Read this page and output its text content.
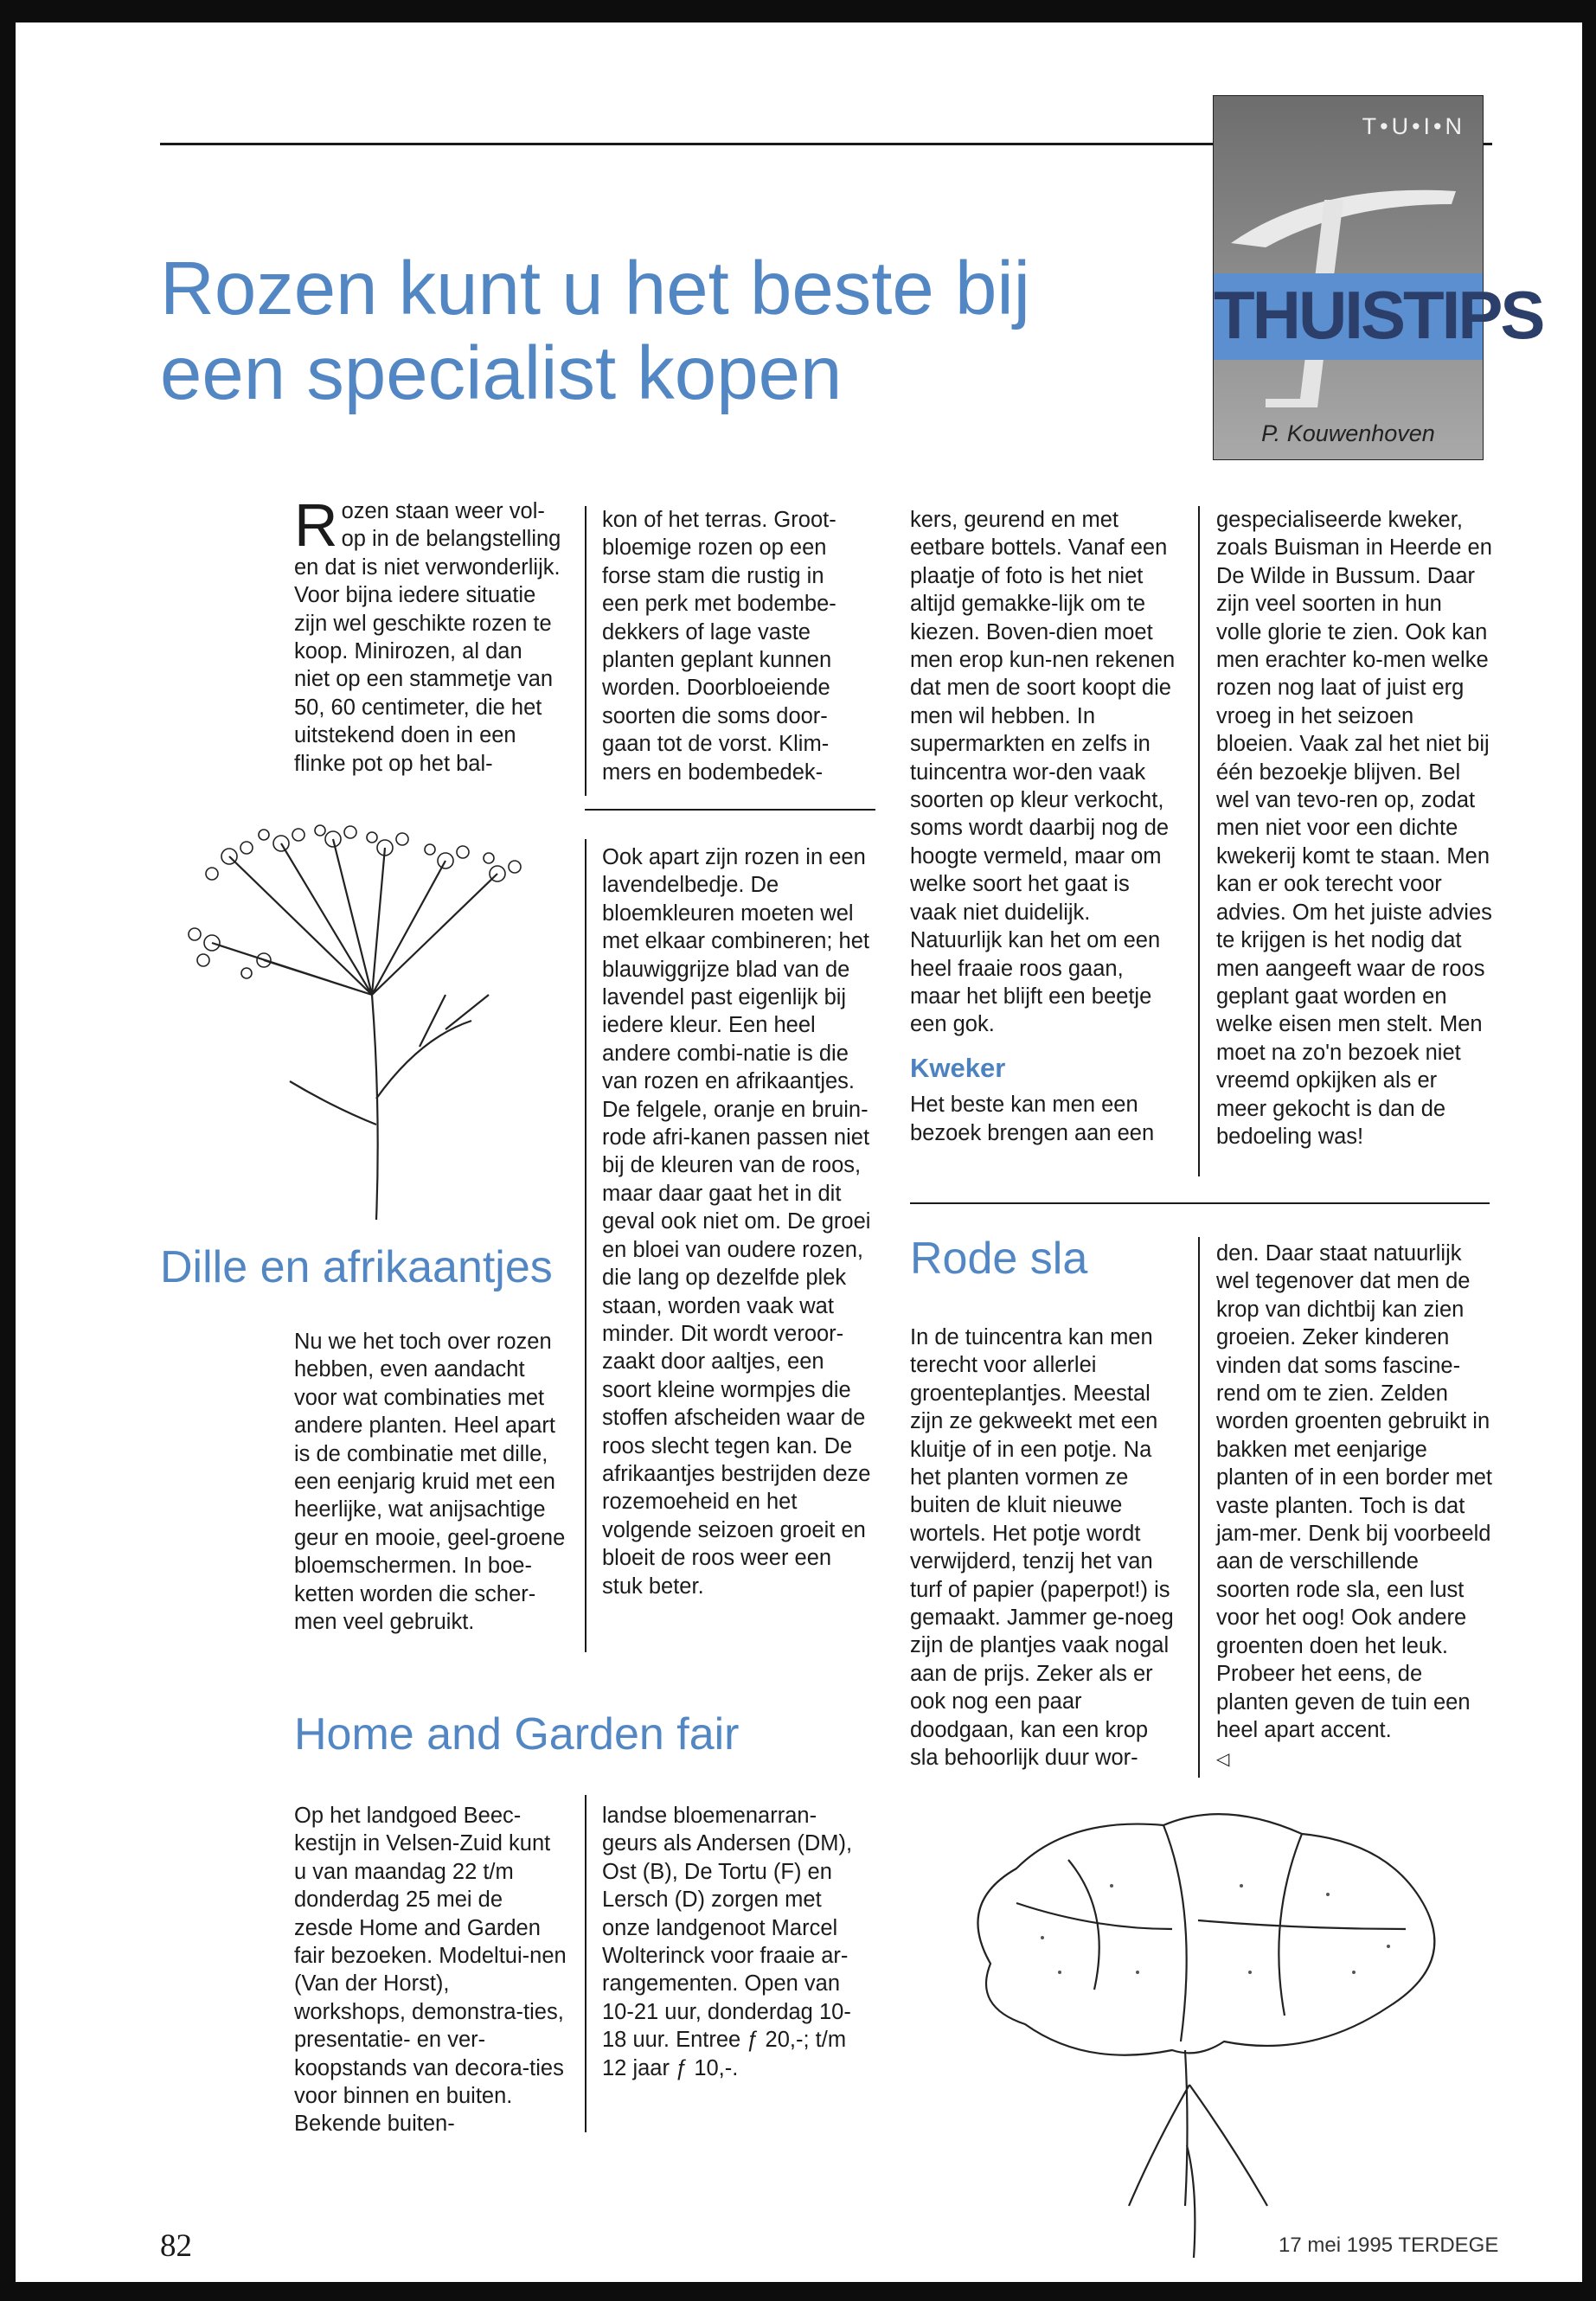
Rozen kunt u het beste bij
een specialist kopen
T•U•I•N
THUISTIPS
P. Kouwenhoven
R ozen staan weer vol-op in de belangstelling en dat is niet verwonderlijk. Voor bijna iedere situatie zijn wel geschikte rozen te koop. Minirozen, al dan niet op een stammetje van 50, 60 centimeter, die het uitstekend doen in een flinke pot op het bal-

kon of het terras. Groot-bloemige rozen op een forse stam die rustig in een perk met bodembe-dekkers of lage vaste planten geplant kunnen worden. Doorbloeiende soorten die soms door-gaan tot de vorst. Klim-mers en bodembedek-

kers, geurend en met eetbare bottels. Vanaf een plaatje of foto is het niet altijd gemakke-lijk om te kiezen. Boven-dien moet men erop kun-nen rekenen dat men de soort koopt die men wil hebben. In supermarkten en zelfs in tuincentra wor-den vaak soorten op kleur verkocht, soms wordt daarbij nog de hoogte vermeld, maar om welke soort het gaat is vaak niet duidelijk. Natuurlijk kan het om een heel fraaie roos gaan, maar het blijft een beetje een gok.

Kweker

Het beste kan men een bezoek brengen aan een

gespecialiseerde kweker, zoals Buisman in Heerde en De Wilde in Bussum. Daar zijn veel soorten in hun volle glorie te zien. Ook kan men erachter ko-men welke rozen nog laat of juist erg vroeg in het seizoen bloeien. Vaak zal het niet bij één bezoekje blijven. Bel wel van tevo-ren op, zodat men niet voor een dichte kwekerij komt te staan. Men kan er ook terecht voor advies. Om het juiste advies te krijgen is het nodig dat men aangeeft waar de roos geplant gaat worden en welke eisen men stelt. Men moet na zo'n bezoek niet vreemd opkijken als er meer gekocht is dan de bedoeling was!

Dille en afrikaantjes

Nu we het toch over rozen hebben, even aandacht voor wat combinaties met andere planten. Heel apart is de combinatie met dille, een eenjarig kruid met een heerlijke, wat anijsachtige geur en mooie, geel-groene bloemschermen. In boe-ketten worden die scher-men veel gebruikt.

Ook apart zijn rozen in een lavendelbedje. De bloemkleuren moeten wel met elkaar combineren; het blauwiggrijze blad van de lavendel past eigenlijk bij iedere kleur. Een heel andere combi-natie is die van rozen en afrikaantjes. De felgele, oranje en bruin-rode afri-kanen passen niet bij de kleuren van de roos, maar daar gaat het in dit geval ook niet om. De groei en bloei van oudere rozen, die lang op dezelfde plek staan, worden vaak wat minder. Dit wordt veroor-zaakt door aaltjes, een soort kleine wormpjes die stoffen afscheiden waar de roos slecht tegen kan. De afrikaantjes bestrijden deze rozemoeheid en het volgende seizoen groeit en bloeit de roos weer een stuk beter.

Rode sla

In de tuincentra kan men terecht voor allerlei groenteplantjes. Meestal zijn ze gekweekt met een kluitje of in een potje. Na het planten vormen ze buiten de kluit nieuwe wortels. Het potje wordt verwijderd, tenzij het van turf of papier (paperpot!) is gemaakt. Jammer ge-noeg zijn de plantjes vaak nogal aan de prijs. Zeker als er ook nog een paar doodgaan, kan een krop sla behoorlijk duur wor-

den. Daar staat natuurlijk wel tegenover dat men de krop van dichtbij kan zien groeien. Zeker kinderen vinden dat soms fascine-rend om te zien. Zelden worden groenten gebruikt in bakken met eenjarige planten of in een border met vaste planten. Toch is dat jam-mer. Denk bij voorbeeld aan de verschillende soorten rode sla, een lust voor het oog! Ook andere groenten doen het leuk. Probeer het eens, de planten geven de tuin een heel apart accent.

◁
Home and Garden fair

Op het landgoed Beec-kestijn in Velsen-Zuid kunt u van maandag 22 t/m donderdag 25 mei de zesde Home and Garden fair bezoeken. Modeltui-nen (Van der Horst), workshops, demonstra-ties, presentatie- en ver-koopstands van decora-ties voor binnen en buiten. Bekende buiten-

landse bloemenarran-geurs als Andersen (DM), Ost (B), De Tortu (F) en Lersch (D) zorgen met onze landgenoot Marcel Wolterinck voor fraaie ar-rangementen. Open van 10-21 uur, donderdag 10-18 uur. Entree ƒ 20,-; t/m 12 jaar ƒ 10,-.

82	17 mei 1995 TERDEGE
